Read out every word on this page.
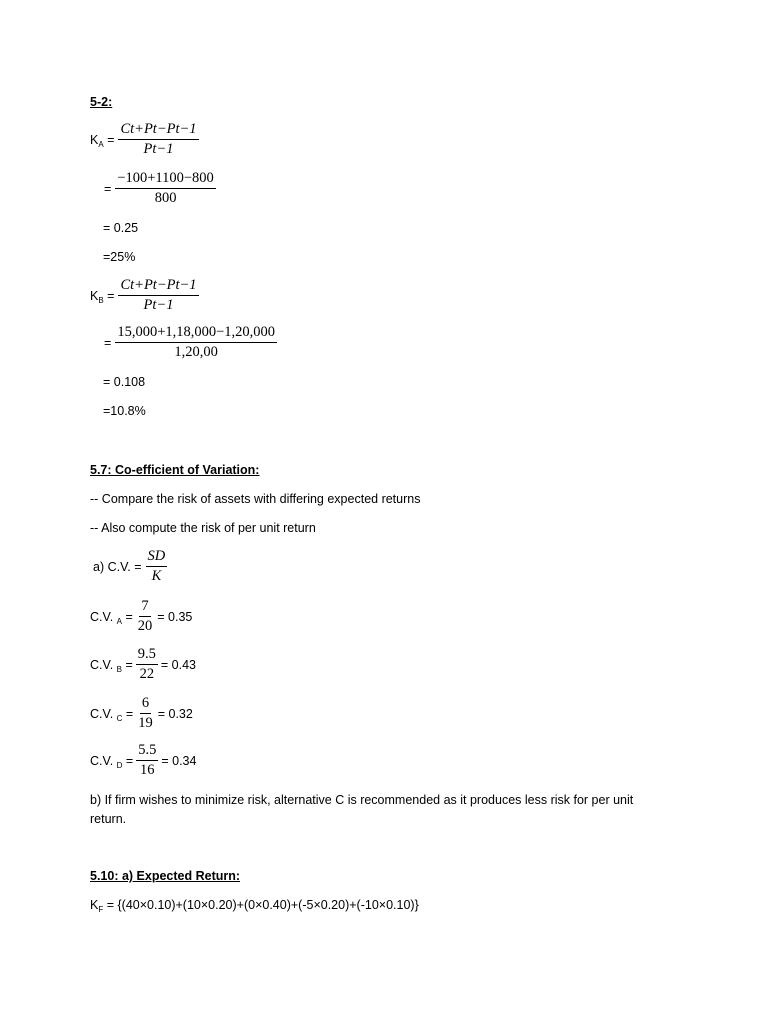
5-2:
$K_A = \frac{Ct+Pt-Pt-1}{Pt-1}$
= $\frac{-100+1100-800}{800}$
= 0.25
=25%
$K_B = \frac{Ct+Pt-Pt-1}{Pt-1}$
= $\frac{15,000+1,18,000-1,20,000}{1,20,00}$
= 0.108
=10.8%
5.7: Co-efficient of Variation:
-- Compare the risk of assets with differing expected returns
-- Also compute the risk of per unit return
a) C.V. = $\frac{SD}{K}$
C.V. $_A = \frac{7}{20} = 0.35$
C.V. $_B = \frac{9.5}{22} = 0.43$
C.V. $_C = \frac{6}{19} = 0.32$
C.V. $_D = \frac{5.5}{16} = 0.34$
b) If firm wishes to minimize risk, alternative C is recommended as it produces less risk for per unit return.
5.10: a) Expected Return:
$K_F = \{(40\times 0.10)+(10\times 0.20)+(0\times 0.40)+(-5\times 0.20)+(-10\times 0.10)\}$
